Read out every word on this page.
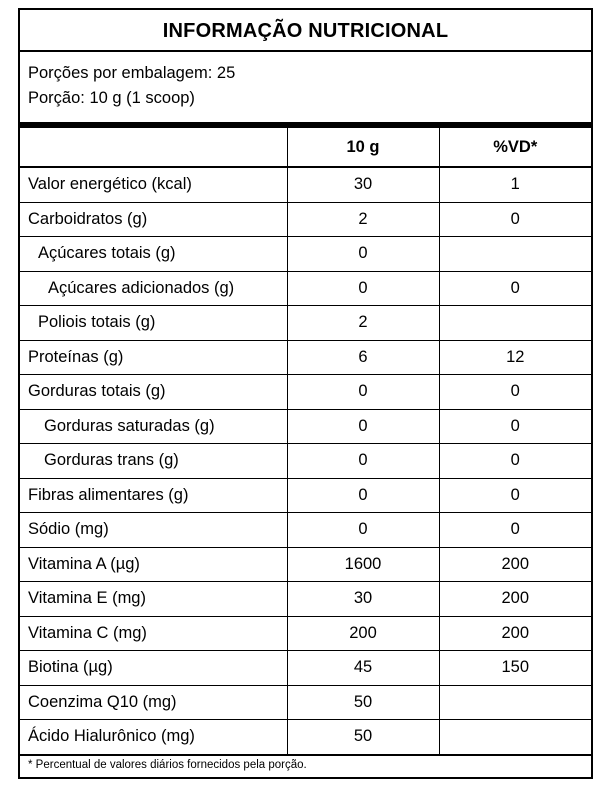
INFORMAÇÃO NUTRICIONAL
Porções por embalagem: 25
Porção: 10 g (1 scoop)
	10 g	%VD*
Valor energético (kcal)	30	1
Carboidratos (g)	2	0
Açúcares totais (g)	0	
Açúcares adicionados (g)	0	0
Poliois totais (g)	2	
Proteínas (g)	6	12
Gorduras totais (g)	0	0
Gorduras saturadas (g)	0	0
Gorduras trans (g)	0	0
Fibras alimentares (g)	0	0
Sódio (mg)	0	0
Vitamina A (µg)	1600	200
Vitamina E (mg)	30	200
Vitamina C (mg)	200	200
Biotina (µg)	45	150
Coenzima Q10 (mg)	50	
Ácido Hialurônico (mg)	50	
* Percentual de valores diários fornecidos pela porção.
